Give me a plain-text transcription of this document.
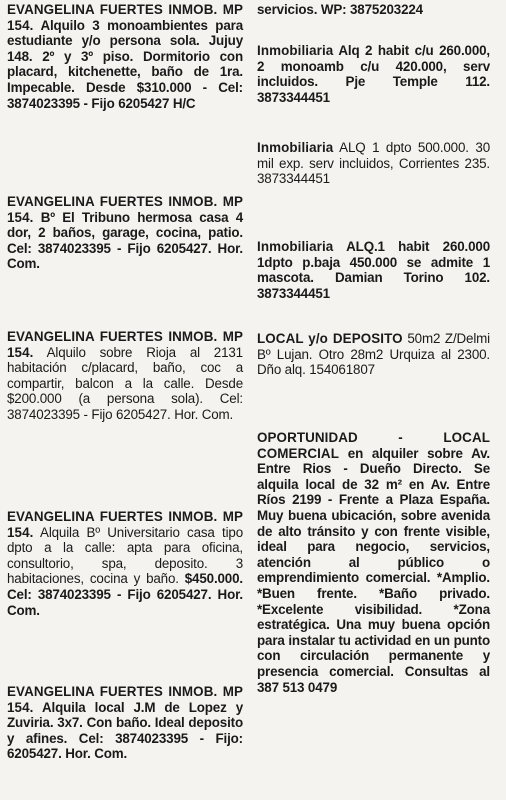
EVANGELINA FUERTES INMOB. MP 154. Alquilo 3 monoambientes para estudiante y/o persona sola. Jujuy 148. 2º y 3º piso. Dormitorio con placard, kitchenette, baño de 1ra. Impecable. Desde $310.000 - Cel: 3874023395 - Fijo 6205427 H/C

EVANGELINA FUERTES INMOB. MP 154. Bº El Tribuno hermosa casa 4 dor, 2 baños, garage, cocina, patio. Cel: 3874023395 - Fijo 6205427. Hor. Com.

EVANGELINA FUERTES INMOB. MP 154. Alquilo sobre Rioja al 2131 habitación c/placard, baño, coc a compartir, balcon a la calle. Desde $200.000 (a persona sola). Cel: 3874023395 - Fijo 6205427. Hor. Com.

EVANGELINA FUERTES INMOB. MP 154. Alquila Bº Universitario casa tipo dpto a la calle: apta para oficina, consultorio, spa, deposito. 3 habitaciones, cocina y baño. $450.000. Cel: 3874023395 - Fijo 6205427. Hor. Com.

EVANGELINA FUERTES INMOB. MP 154. Alquila local J.M de Lopez y Zuviria. 3x7. Con baño. Ideal deposito y afines. Cel: 3874023395 - Fijo: 6205427. Hor. Com.

servicios. WP: 3875203224

Inmobiliaria Alq 2 habit c/u 260.000, 2 monoamb c/u 420.000, serv incluidos. Pje Temple 112. 3873344451

Inmobiliaria ALQ 1 dpto 500.000. 30 mil exp. serv incluidos, Corrientes 235. 3873344451

Inmobiliaria ALQ.1 habit 260.000 1dpto p.baja 450.000 se admite 1 mascota. Damian Torino 102. 3873344451

LOCAL y/o DEPOSITO 50m2 Z/Delmi Bº Lujan. Otro 28m2 Urquiza al 2300. Dño alq. 154061807

OPORTUNIDAD - LOCAL COMERCIAL en alquiler sobre Av. Entre Rios - Dueño Directo. Se alquila local de 32 m² en Av. Entre Ríos 2199 - Frente a Plaza España. Muy buena ubicación, sobre avenida de alto tránsito y con frente visible, ideal para negocio, servicios, atención al público o emprendimiento comercial. *Amplio. *Buen frente. *Baño privado. *Excelente visibilidad. *Zona estratégica. Una muy buena opción para instalar tu actividad en un punto con circulación permanente y presencia comercial. Consultas al 387 513 0479
